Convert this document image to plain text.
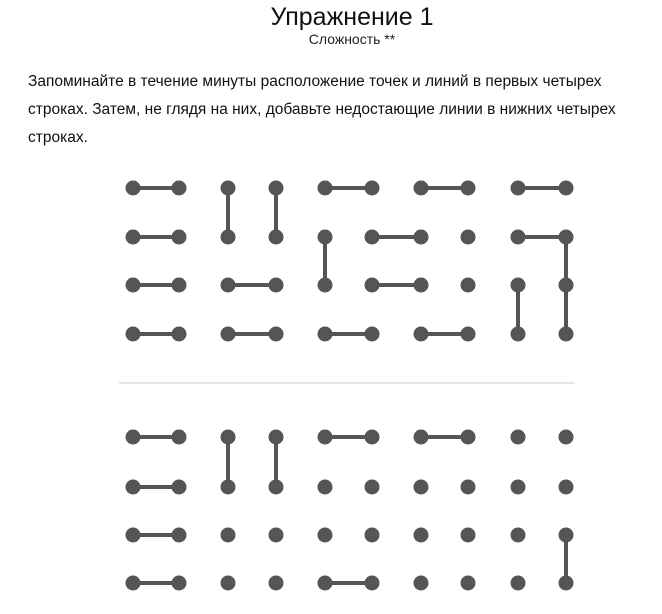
Упражнение 1
Сложность **
Запоминайте в течение минуты расположение точек и линий в первых четырех строках. Затем, не глядя на них, добавьте недостающие линии в нижних четырех строках.
